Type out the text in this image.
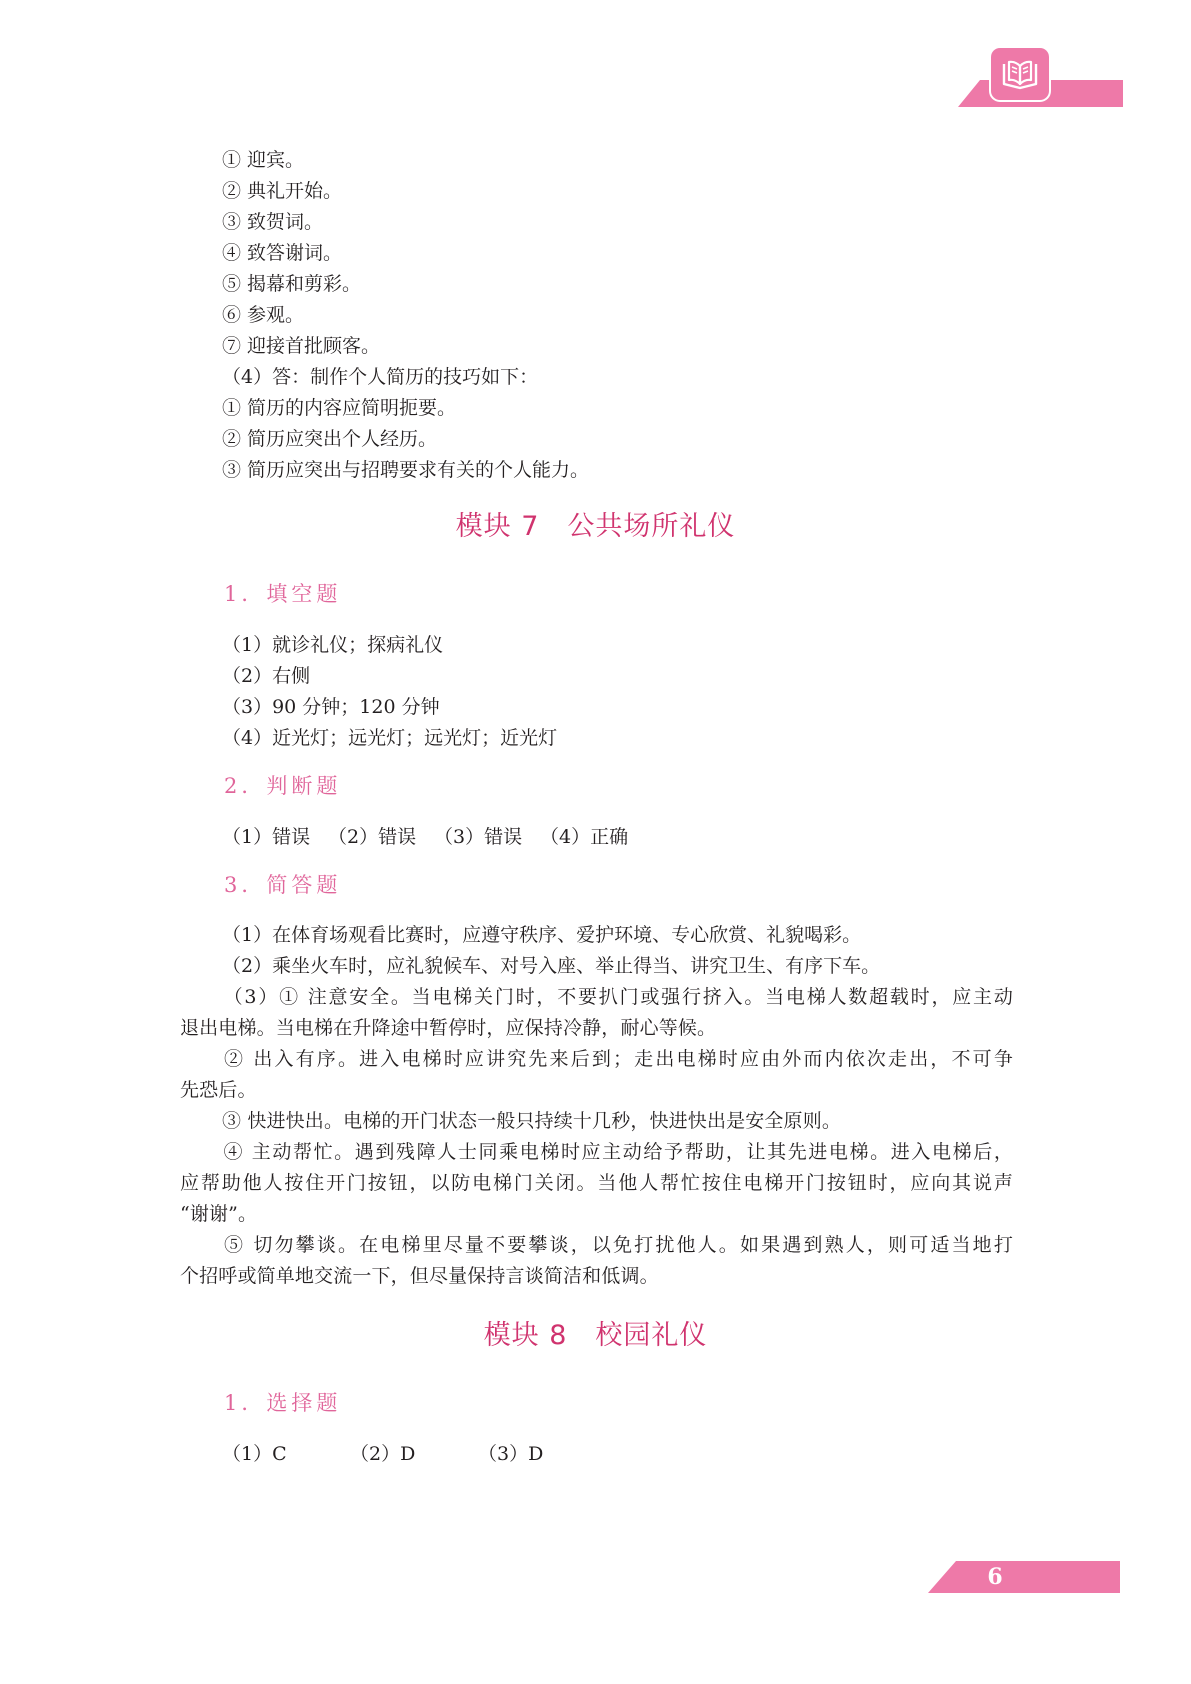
① 迎宾。
② 典礼开始。
③ 致贺词。
④ 致答谢词。
⑤ 揭幕和剪彩。
⑥ 参观。
⑦ 迎接首批顾客。
（4）答：制作个人简历的技巧如下：
① 简历的内容应简明扼要。
② 简历应突出个人经历。
③ 简历应突出与招聘要求有关的个人能力。
模块 7　公共场所礼仪
1．填空题
（1）就诊礼仪；探病礼仪
（2）右侧
（3）90 分钟；120 分钟
（4）近光灯；远光灯；远光灯；近光灯
2．判断题
（1）错误 （2）错误 （3）错误 （4）正确
3．简答题
（1）在体育场观看比赛时，应遵守秩序、爱护环境、专心欣赏、礼貌喝彩。
（2）乘坐火车时，应礼貌候车、对号入座、举止得当、讲究卫生、有序下车。
（3）① 注意安全。当电梯关门时，不要扒门或强行挤入。当电梯人数超载时，应主动
退出电梯。当电梯在升降途中暂停时，应保持冷静，耐心等候。
② 出入有序。进入电梯时应讲究先来后到；走出电梯时应由外而内依次走出，不可争
先恐后。
③ 快进快出。电梯的开门状态一般只持续十几秒，快进快出是安全原则。
④ 主动帮忙。遇到残障人士同乘电梯时应主动给予帮助，让其先进电梯。进入电梯后，
应帮助他人按住开门按钮，以防电梯门关闭。当他人帮忙按住电梯开门按钮时，应向其说声
“谢谢”。
⑤ 切勿攀谈。在电梯里尽量不要攀谈，以免打扰他人。如果遇到熟人，则可适当地打
个招呼或简单地交流一下，但尽量保持言谈简洁和低调。
模块 8　校园礼仪
1．选择题
（1）C	（2）D	（3）D
6
